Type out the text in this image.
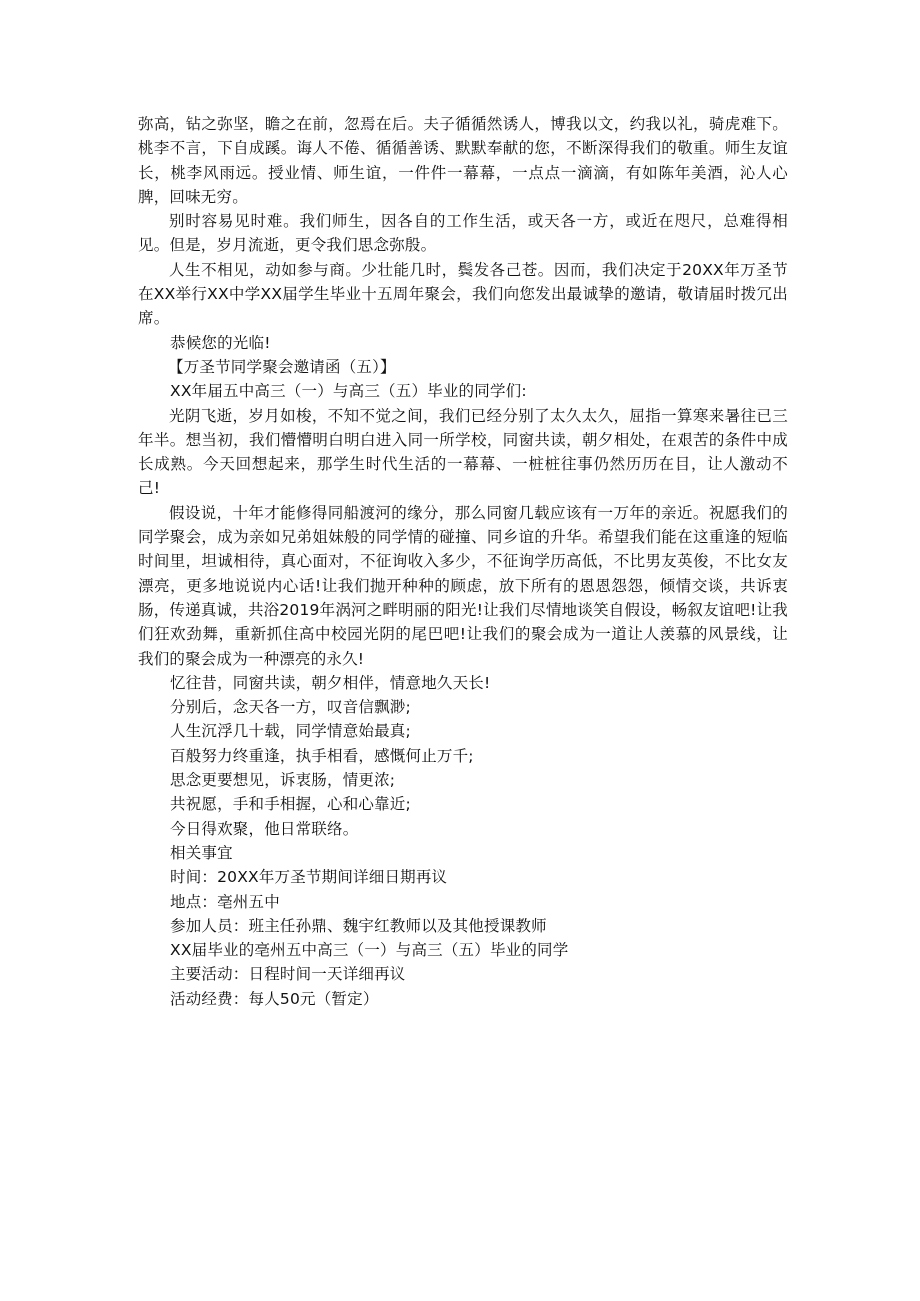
弥高，钻之弥坚，瞻之在前，忽焉在后。夫子循循然诱人，博我以文，约我以礼，骑虎难下。桃李不言，下自成蹊。诲人不倦、循循善诱、默默奉献的您，不断深得我们的敬重。师生友谊长，桃李风雨远。授业情、师生谊，一件件一幕幕，一点点一滴滴，有如陈年美酒，沁人心脾，回味无穷。

别时容易见时难。我们师生，因各自的工作生活，或天各一方，或近在咫尺，总难得相见。但是，岁月流逝，更令我们思念弥殷。

人生不相见，动如参与商。少壮能几时，鬓发各己苍。因而，我们决定于20XX年万圣节在XX举行XX中学XX届学生毕业十五周年聚会，我们向您发出最诚挚的邀请，敬请届时拨冗出席。

恭候您的光临!

【万圣节同学聚会邀请函（五）】

XX年届五中高三（一）与高三（五）毕业的同学们:

光阴飞逝，岁月如梭，不知不觉之间，我们已经分别了太久太久，屈指一算寒来暑往已三年半。想当初，我们懵懵明白明白进入同一所学校，同窗共读，朝夕相处，在艰苦的条件中成长成熟。今天回想起来，那学生时代生活的一幕幕、一桩桩往事仍然历历在目，让人激动不己!

假设说，十年才能修得同船渡河的缘分，那么同窗几载应该有一万年的亲近。祝愿我们的同学聚会，成为亲如兄弟姐妹般的同学情的碰撞、同乡谊的升华。希望我们能在这重逢的短临时间里，坦诚相待，真心面对，不征询收入多少，不征询学历高低，不比男友英俊，不比女友漂亮，更多地说说内心话!让我们抛开种种的顾虑，放下所有的恩恩怨怨，倾情交谈，共诉衷肠，传递真诚，共浴2019年涡河之畔明丽的阳光!让我们尽情地谈笑自假设，畅叙友谊吧!让我们狂欢劲舞，重新抓住高中校园光阴的尾巴吧!让我们的聚会成为一道让人羡慕的风景线，让我们的聚会成为一种漂亮的永久!

忆往昔，同窗共读，朝夕相伴，情意地久天长!

分别后，念天各一方，叹音信飘渺;

人生沉浮几十载，同学情意始最真;

百般努力终重逢，执手相看，感慨何止万千;

思念更要想见，诉衷肠，情更浓;

共祝愿，手和手相握，心和心靠近;

今日得欢聚，他日常联络。

相关事宜

时间：20XX年万圣节期间详细日期再议

地点：亳州五中

参加人员：班主任孙鼎、魏宇红教师以及其他授课教师

XX届毕业的亳州五中高三（一）与高三（五）毕业的同学

主要活动：日程时间一天详细再议

活动经费：每人50元（暂定）
